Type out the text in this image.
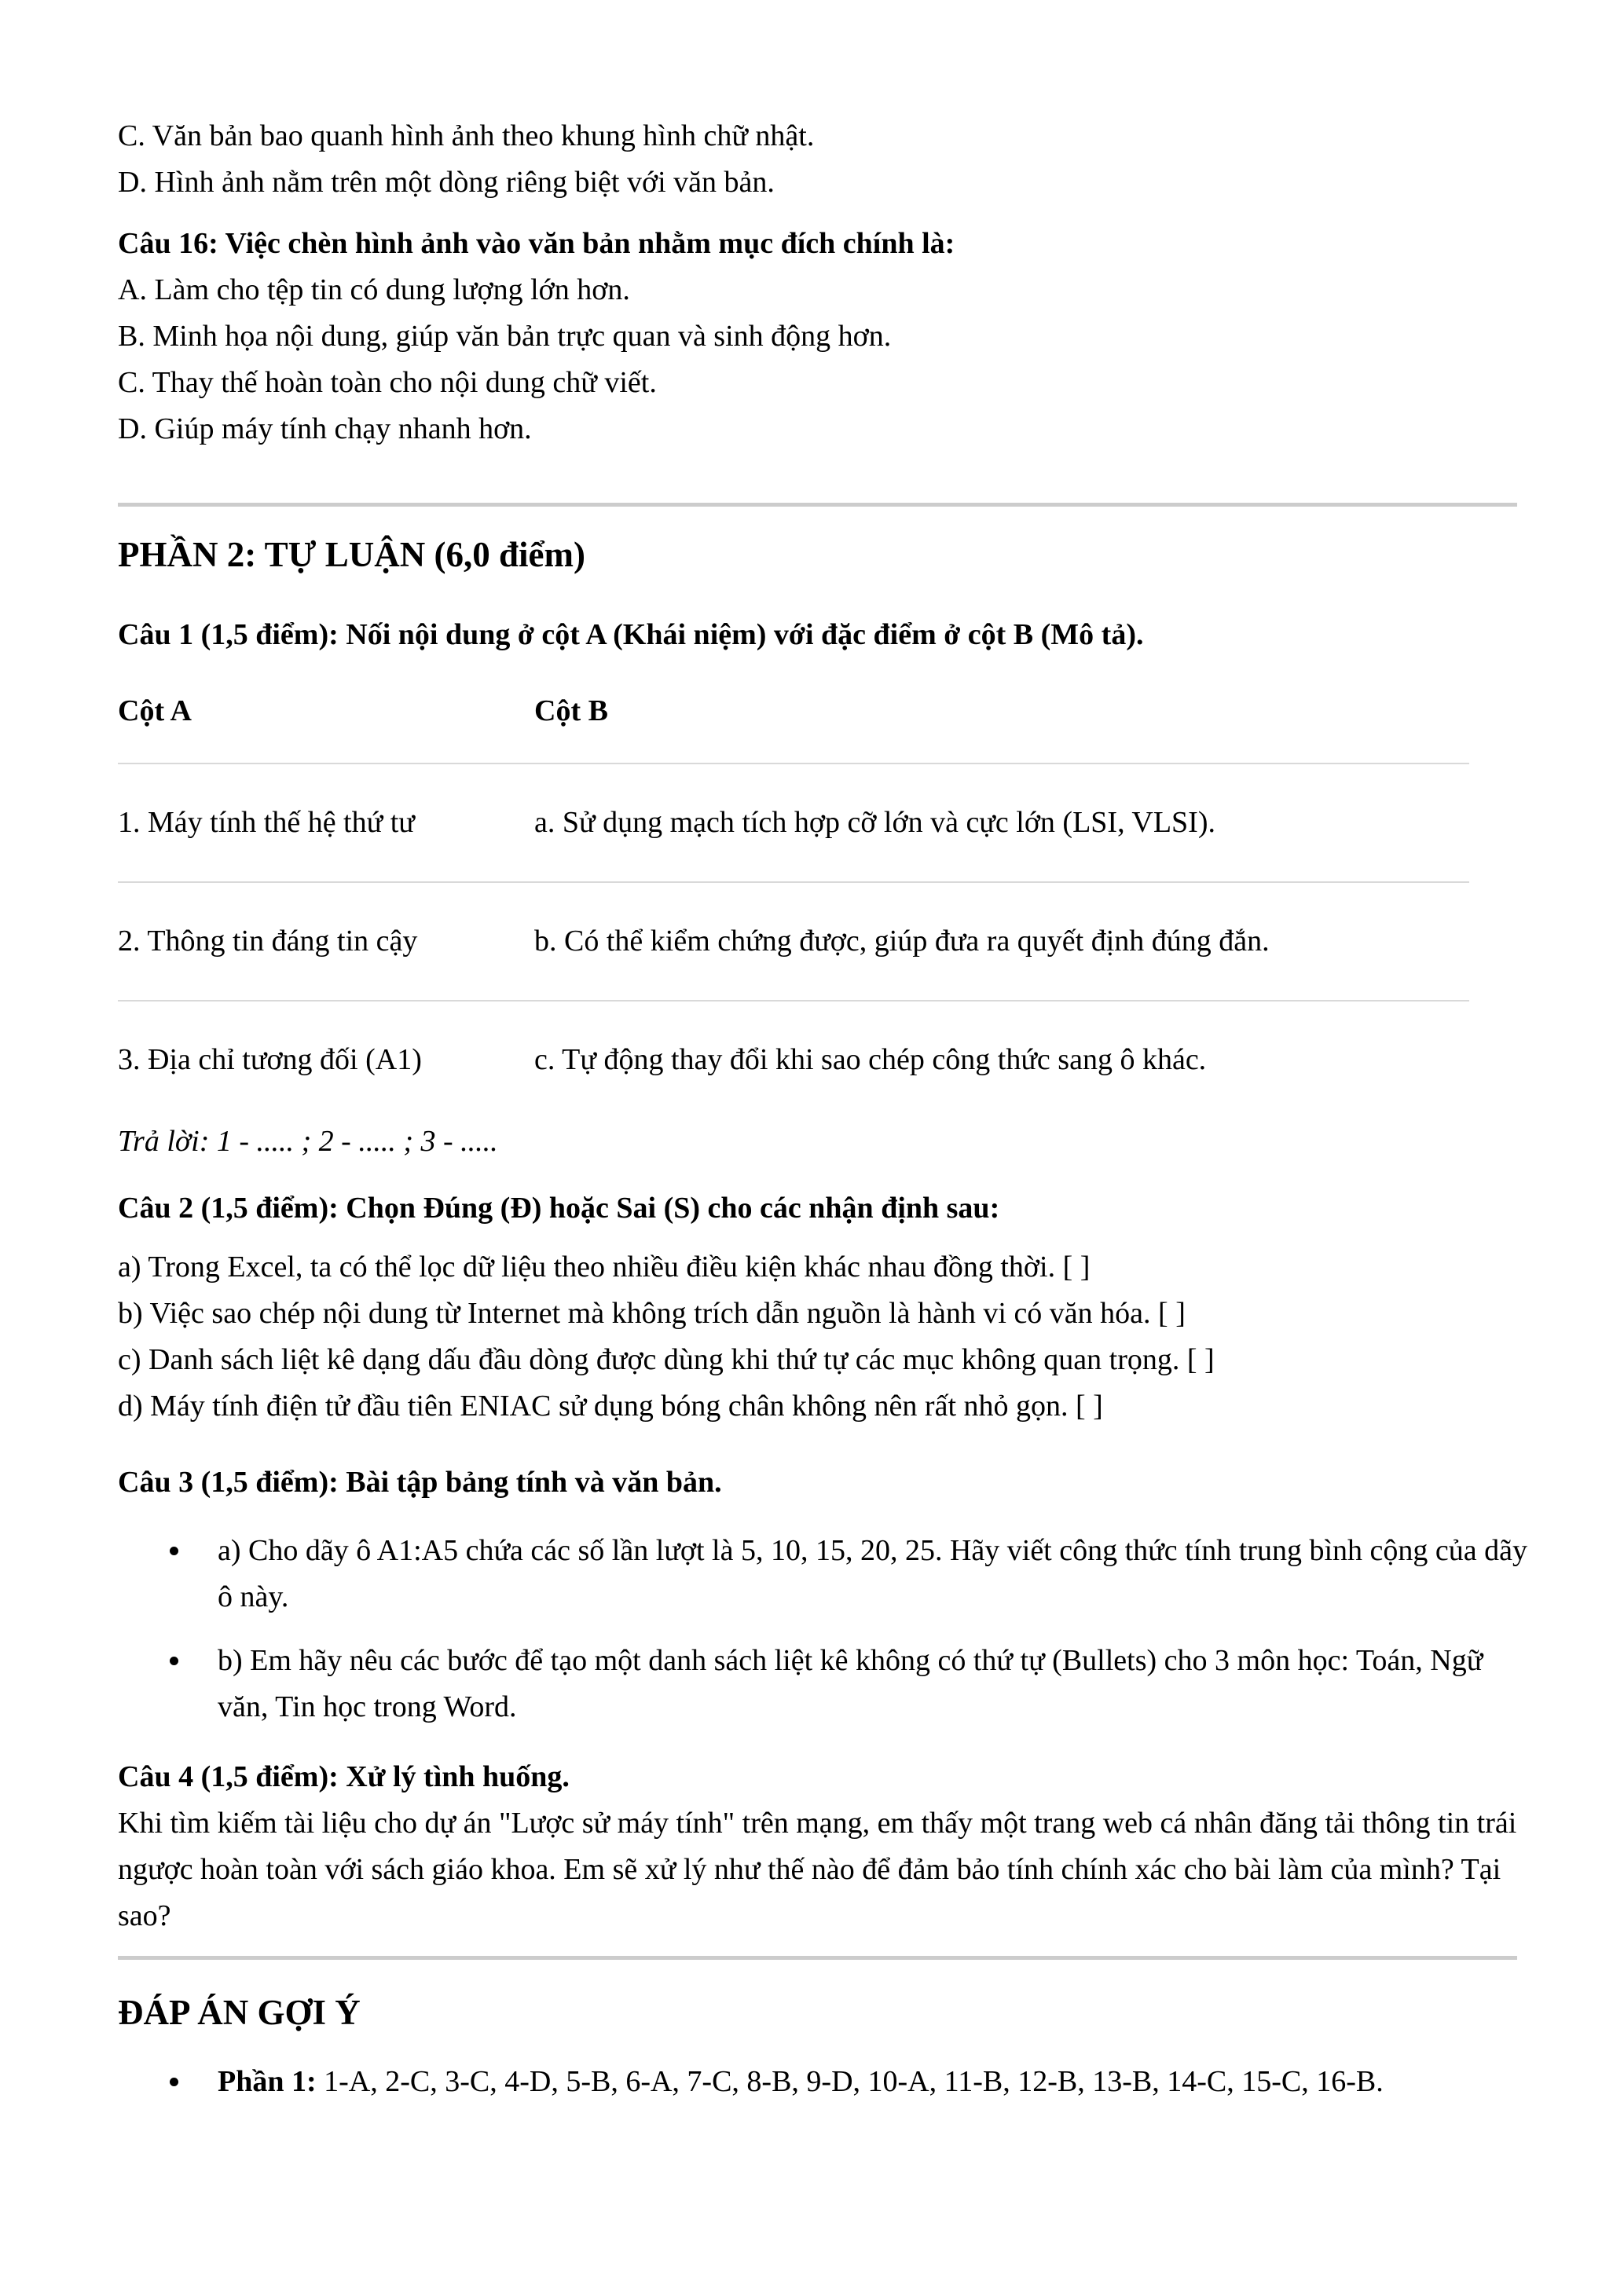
C. Văn bản bao quanh hình ảnh theo khung hình chữ nhật.

D. Hình ảnh nằm trên một dòng riêng biệt với văn bản.

Câu 16: Việc chèn hình ảnh vào văn bản nhằm mục đích chính là:

A. Làm cho tệp tin có dung lượng lớn hơn.

B. Minh họa nội dung, giúp văn bản trực quan và sinh động hơn.

C. Thay thế hoàn toàn cho nội dung chữ viết.

D. Giúp máy tính chạy nhanh hơn.

PHẦN 2: TỰ LUẬN (6,0 điểm)
Câu 1 (1,5 điểm): Nối nội dung ở cột A (Khái niệm) với đặc điểm ở cột B (Mô tả).
Cột A	Cột B
1. Máy tính thế hệ thứ tư	a. Sử dụng mạch tích hợp cỡ lớn và cực lớn (LSI, VLSI).
2. Thông tin đáng tin cậy	b. Có thể kiểm chứng được, giúp đưa ra quyết định đúng đắn.
3. Địa chỉ tương đối (A1)	c. Tự động thay đổi khi sao chép công thức sang ô khác.

Trả lời: 1 - ..... ; 2 - ..... ; 3 - .....

Câu 2 (1,5 điểm): Chọn Đúng (Đ) hoặc Sai (S) cho các nhận định sau:

a) Trong Excel, ta có thể lọc dữ liệu theo nhiều điều kiện khác nhau đồng thời. [ ]

b) Việc sao chép nội dung từ Internet mà không trích dẫn nguồn là hành vi có văn hóa. [ ]

c) Danh sách liệt kê dạng dấu đầu dòng được dùng khi thứ tự các mục không quan trọng. [ ]

d) Máy tính điện tử đầu tiên ENIAC sử dụng bóng chân không nên rất nhỏ gọn. [ ]

Câu 3 (1,5 điểm): Bài tập bảng tính và văn bản.
a) Cho dãy ô A1:A5 chứa các số lần lượt là 5, 10, 15, 20, 25. Hãy viết công thức tính trung bình cộng của dãy ô này.
b) Em hãy nêu các bước để tạo một danh sách liệt kê không có thứ tự (Bullets) cho 3 môn học: Toán, Ngữ văn, Tin học trong Word.
Câu 4 (1,5 điểm): Xử lý tình huống.

Khi tìm kiếm tài liệu cho dự án "Lược sử máy tính" trên mạng, em thấy một trang web cá nhân đăng tải thông tin trái ngược hoàn toàn với sách giáo khoa. Em sẽ xử lý như thế nào để đảm bảo tính chính xác cho bài làm của mình? Tại sao?

ĐÁP ÁN GỢI Ý
Phần 1: 1-A, 2-C, 3-C, 4-D, 5-B, 6-A, 7-C, 8-B, 9-D, 10-A, 11-B, 12-B, 13-B, 14-C, 15-C, 16-B.
